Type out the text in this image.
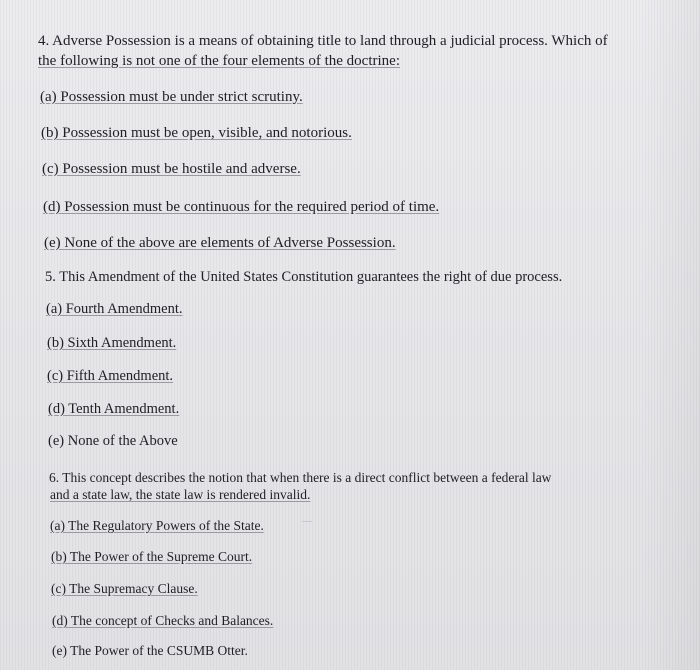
4. Adverse Possession is a means of obtaining title to land through a judicial process. Which of
the following is not one of the four elements of the doctrine:
(a) Possession must be under strict scrutiny.
(b) Possession must be open, visible, and notorious.
(c) Possession must be hostile and adverse.
(d) Possession must be continuous for the required period of time.
(e) None of the above are elements of Adverse Possession.
5. This Amendment of the United States Constitution guarantees the right of due process.
(a) Fourth Amendment.
(b) Sixth Amendment.
(c) Fifth Amendment.
(d) Tenth Amendment.
(e) None of the Above
6. This concept describes the notion that when there is a direct conflict between a federal law
and a state law, the state law is rendered invalid.
(a) The Regulatory Powers of the State.
(b) The Power of the Supreme Court.
(c) The Supremacy Clause.
(d) The concept of Checks and Balances.
(e) The Power of the CSUMB Otter.
